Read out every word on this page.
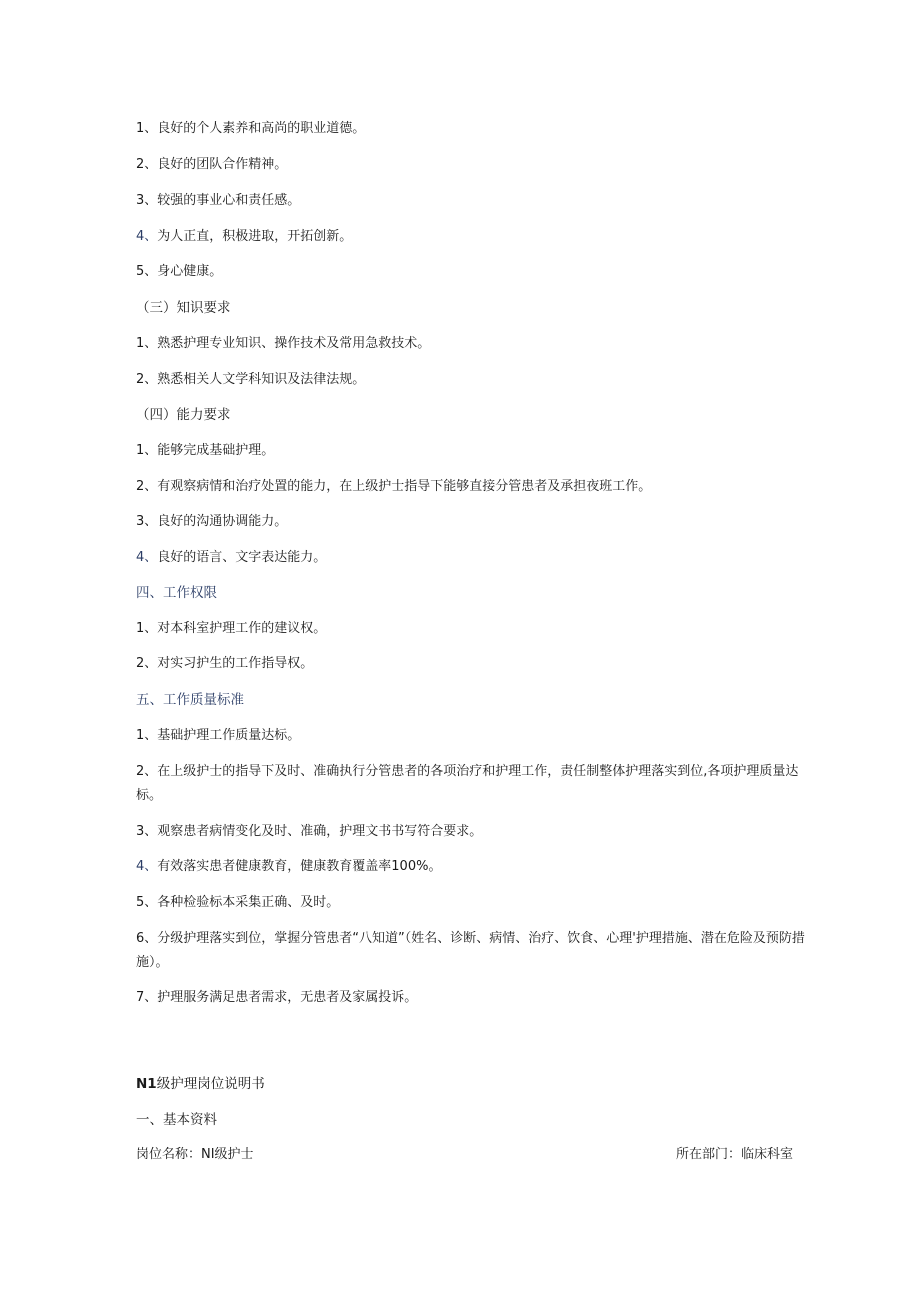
1、良好的个人素养和高尚的职业道德。
2、良好的团队合作精神。
3、较强的事业心和责任感。
4、为人正直，积极进取，开拓创新。
5、身心健康。
（三）知识要求
1、熟悉护理专业知识、操作技术及常用急救技术。
2、熟悉相关人文学科知识及法律法规。
（四）能力要求
1、能够完成基础护理。
2、有观察病情和治疗处置的能力，在上级护士指导下能够直接分管患者及承担夜班工作。
3、良好的沟通协调能力。
4、良好的语言、文字表达能力。
四、工作权限
1、对本科室护理工作的建议权。
2、对实习护生的工作指导权。
五、工作质量标准
1、基础护理工作质量达标。
2、在上级护士的指导下及时、准确执行分管患者的各项治疗和护理工作，责任制整体护理落实到位,各项护理质量达标。
3、观察患者病情变化及时、准确，护理文书书写符合要求。
4、有效落实患者健康教育，健康教育覆盖率100%。
5、各种检验标本采集正确、及时。
6、分级护理落实到位，掌握分管患者“八知道”（姓名、诊断、病情、治疗、饮食、心理'护理措施、潜在危险及预防措施）。
7、护理服务满足患者需求，无患者及家属投诉。
N1级护理岗位说明书
一、基本资料
岗位名称：NI级护士	所在部门：临床科室
